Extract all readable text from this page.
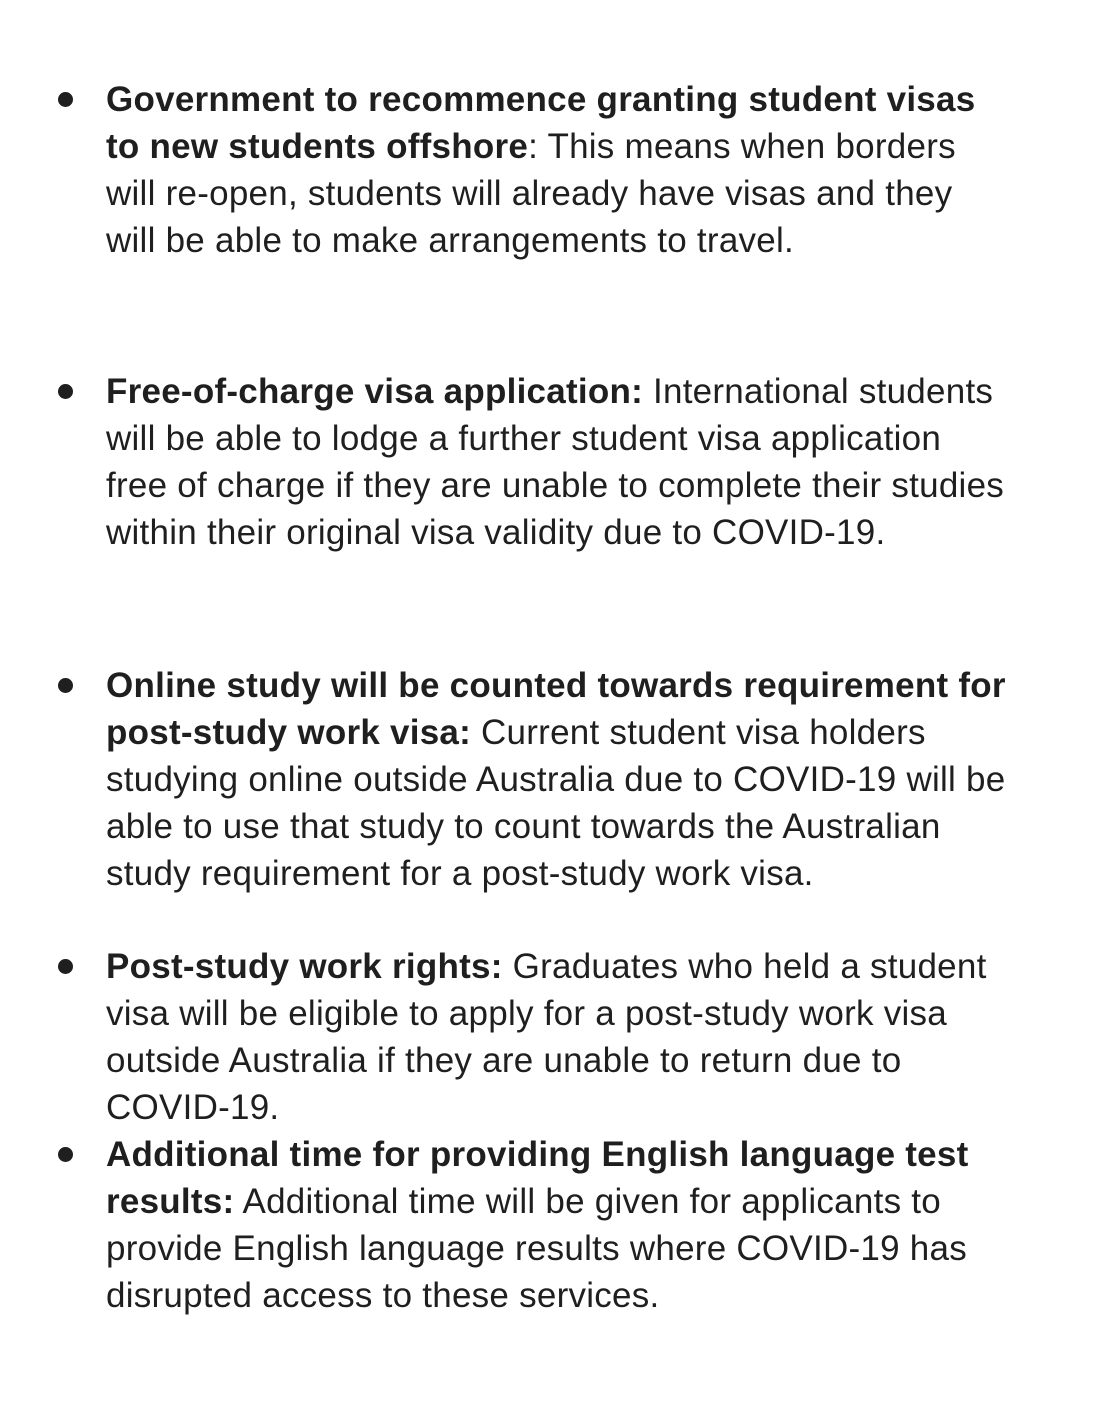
Government to recommence granting student visas to new students offshore: This means when borders will re-open, students will already have visas and they will be able to make arrangements to travel.
Free-of-charge visa application: International students will be able to lodge a further student visa application free of charge if they are unable to complete their studies within their original visa validity due to COVID-19.
Online study will be counted towards requirement for post-study work visa: Current student visa holders studying online outside Australia due to COVID-19 will be able to use that study to count towards the Australian study requirement for a post-study work visa.
Post-study work rights: Graduates who held a student visa will be eligible to apply for a post-study work visa outside Australia if they are unable to return due to COVID-19.
Additional time for providing English language test results: Additional time will be given for applicants to provide English language results where COVID-19 has disrupted access to these services.
